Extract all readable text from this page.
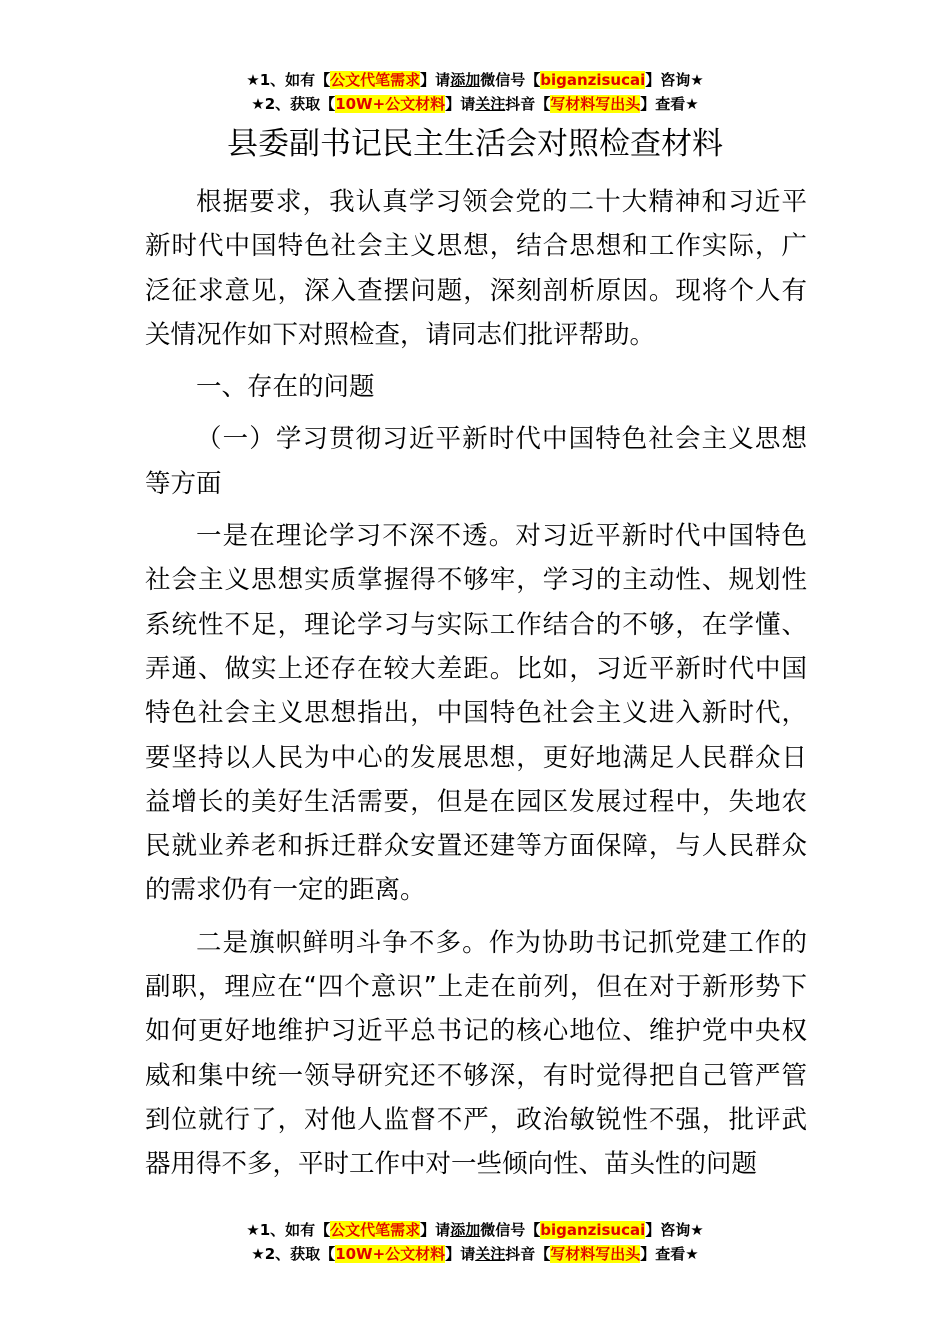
★1、如有【公文代笔需求】请添加微信号【biganzisucai】咨询★
★2、获取【10W+公文材料】请关注抖音【写材料写出头】查看★
县委副书记民主生活会对照检查材料

根据要求，我认真学习领会党的二十大精神和习近平新时代中国特色社会主义思想，结合思想和工作实际，广泛征求意见，深入查摆问题，深刻剖析原因。现将个人有关情况作如下对照检查，请同志们批评帮助。

一、存在的问题

（一）学习贯彻习近平新时代中国特色社会主义思想等方面

一是在理论学习不深不透。对习近平新时代中国特色社会主义思想实质掌握得不够牢，学习的主动性、规划性系统性不足，理论学习与实际工作结合的不够，在学懂、弄通、做实上还存在较大差距。比如，习近平新时代中国特色社会主义思想指出，中国特色社会主义进入新时代，要坚持以人民为中心的发展思想，更好地满足人民群众日益增长的美好生活需要，但是在园区发展过程中，失地农民就业养老和拆迁群众安置还建等方面保障，与人民群众的需求仍有一定的距离。

二是旗帜鲜明斗争不多。作为协助书记抓党建工作的副职，理应在“四个意识”上走在前列，但在对于新形势下如何更好地维护习近平总书记的核心地位、维护党中央权威和集中统一领导研究还不够深，有时觉得把自己管严管到位就行了，对他人监督不严，政治敏锐性不强，批评武器用得不多，平时工作中对一些倾向性、苗头性的问题

★1、如有【公文代笔需求】请添加微信号【biganzisucai】咨询★
★2、获取【10W+公文材料】请关注抖音【写材料写出头】查看★
